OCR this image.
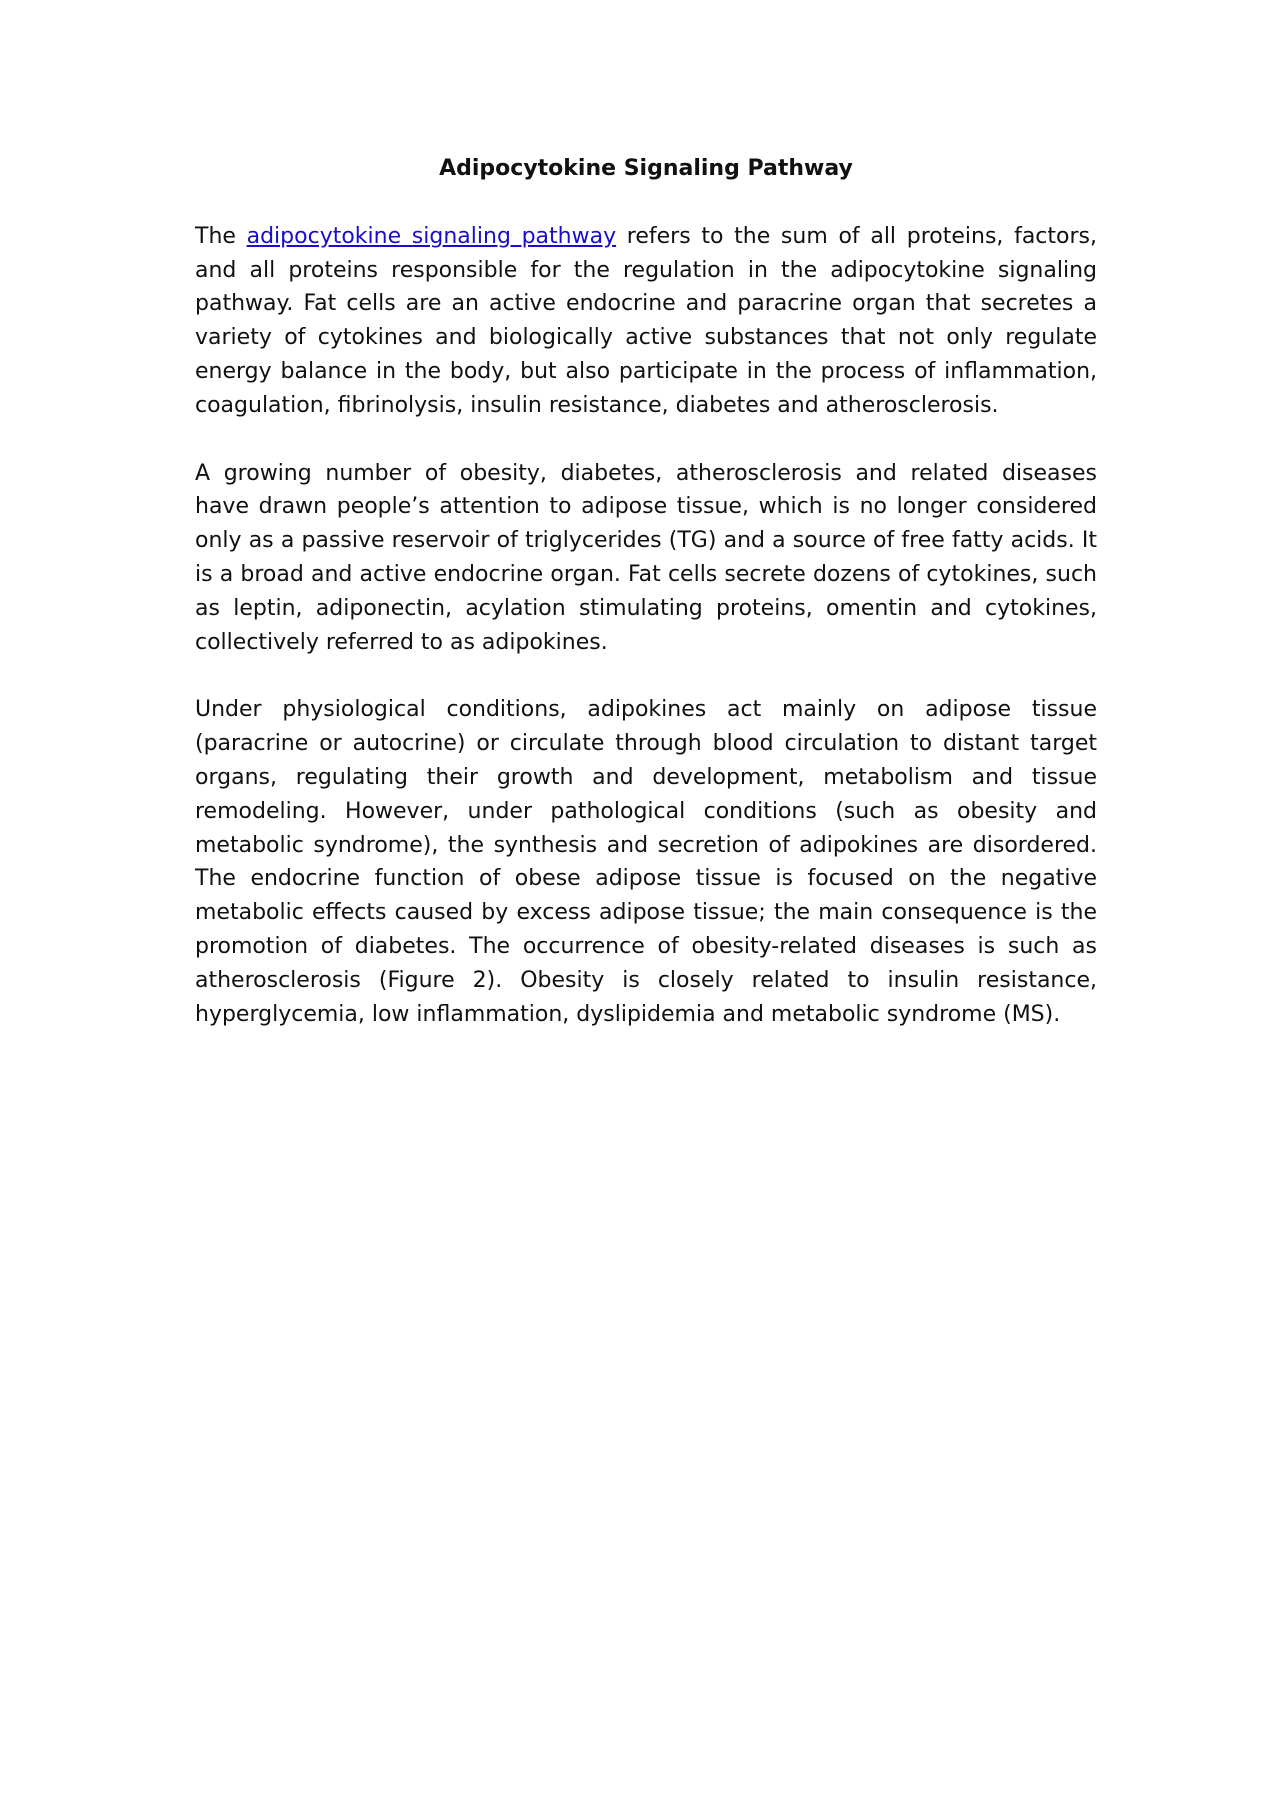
Adipocytokine Signaling Pathway
The adipocytokine signaling pathway refers to the sum of all proteins, factors, and all proteins responsible for the regulation in the adipocytokine signaling pathway. Fat cells are an active endocrine and paracrine organ that secretes a variety of cytokines and biologically active substances that not only regulate energy balance in the body, but also participate in the process of inflammation, coagulation, fibrinolysis, insulin resistance, diabetes and atherosclerosis.
A growing number of obesity, diabetes, atherosclerosis and related diseases have drawn people’s attention to adipose tissue, which is no longer considered only as a passive reservoir of triglycerides (TG) and a source of free fatty acids. It is a broad and active endocrine organ. Fat cells secrete dozens of cytokines, such as leptin, adiponectin, acylation stimulating proteins, omentin and cytokines, collectively referred to as adipokines.
Under physiological conditions, adipokines act mainly on adipose tissue (paracrine or autocrine) or circulate through blood circulation to distant target organs, regulating their growth and development, metabolism and tissue remodeling. However, under pathological conditions (such as obesity and metabolic syndrome), the synthesis and secretion of adipokines are disordered. The endocrine function of obese adipose tissue is focused on the negative metabolic effects caused by excess adipose tissue; the main consequence is the promotion of diabetes. The occurrence of obesity-related diseases is such as atherosclerosis (Figure 2). Obesity is closely related to insulin resistance, hyperglycemia, low inflammation, dyslipidemia and metabolic syndrome (MS).
